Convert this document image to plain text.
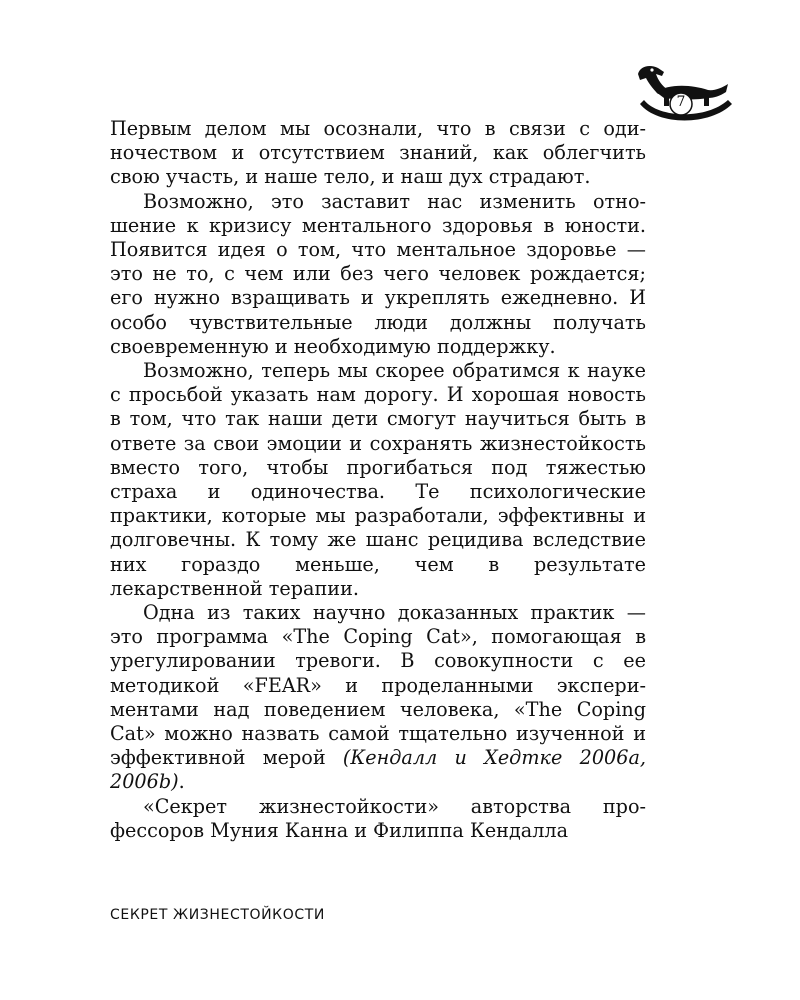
7

Первым делом мы осознали, что в связи с одиночеством и отсутствием знаний, как облегчить свою участь, и наше тело, и наш дух страдают.

Возможно, это заставит нас изменить отношение к кризису ментального здоровья в юности. Появится идея о том, что ментальное здоровье — это не то, с чем или без чего человек рождается; его нужно взращивать и укреплять ежедневно. И особо чувствительные люди должны получать своевременную и необходимую поддержку.

Возможно, теперь мы скорее обратимся к науке с просьбой указать нам дорогу. И хорошая новость в том, что так наши дети смогут научиться быть в ответе за свои эмоции и сохранять жизнестойкость вместо того, чтобы прогибаться под тяжестью страха и одиночества. Те психологические практики, которые мы разработали, эффективны и долговечны. К тому же шанс рецидива вследствие них гораздо меньше, чем в результате лекарственной терапии.

Одна из таких научно доказанных практик — это программа «The Coping Cat», помогающая в урегулировании тревоги. В совокупности с ее методикой «FEAR» и проделанными экспериментами над поведением человека, «The Coping Cat» можно назвать самой тщательно изученной и эффективной мерой (Кендалл и Хедтке 2006a, 2006b).

«Секрет жизнестойкости» авторства профессоров Муния Канна и Филиппа Кендалла

СЕКРЕТ ЖИЗНЕСТОЙКОСТИ
